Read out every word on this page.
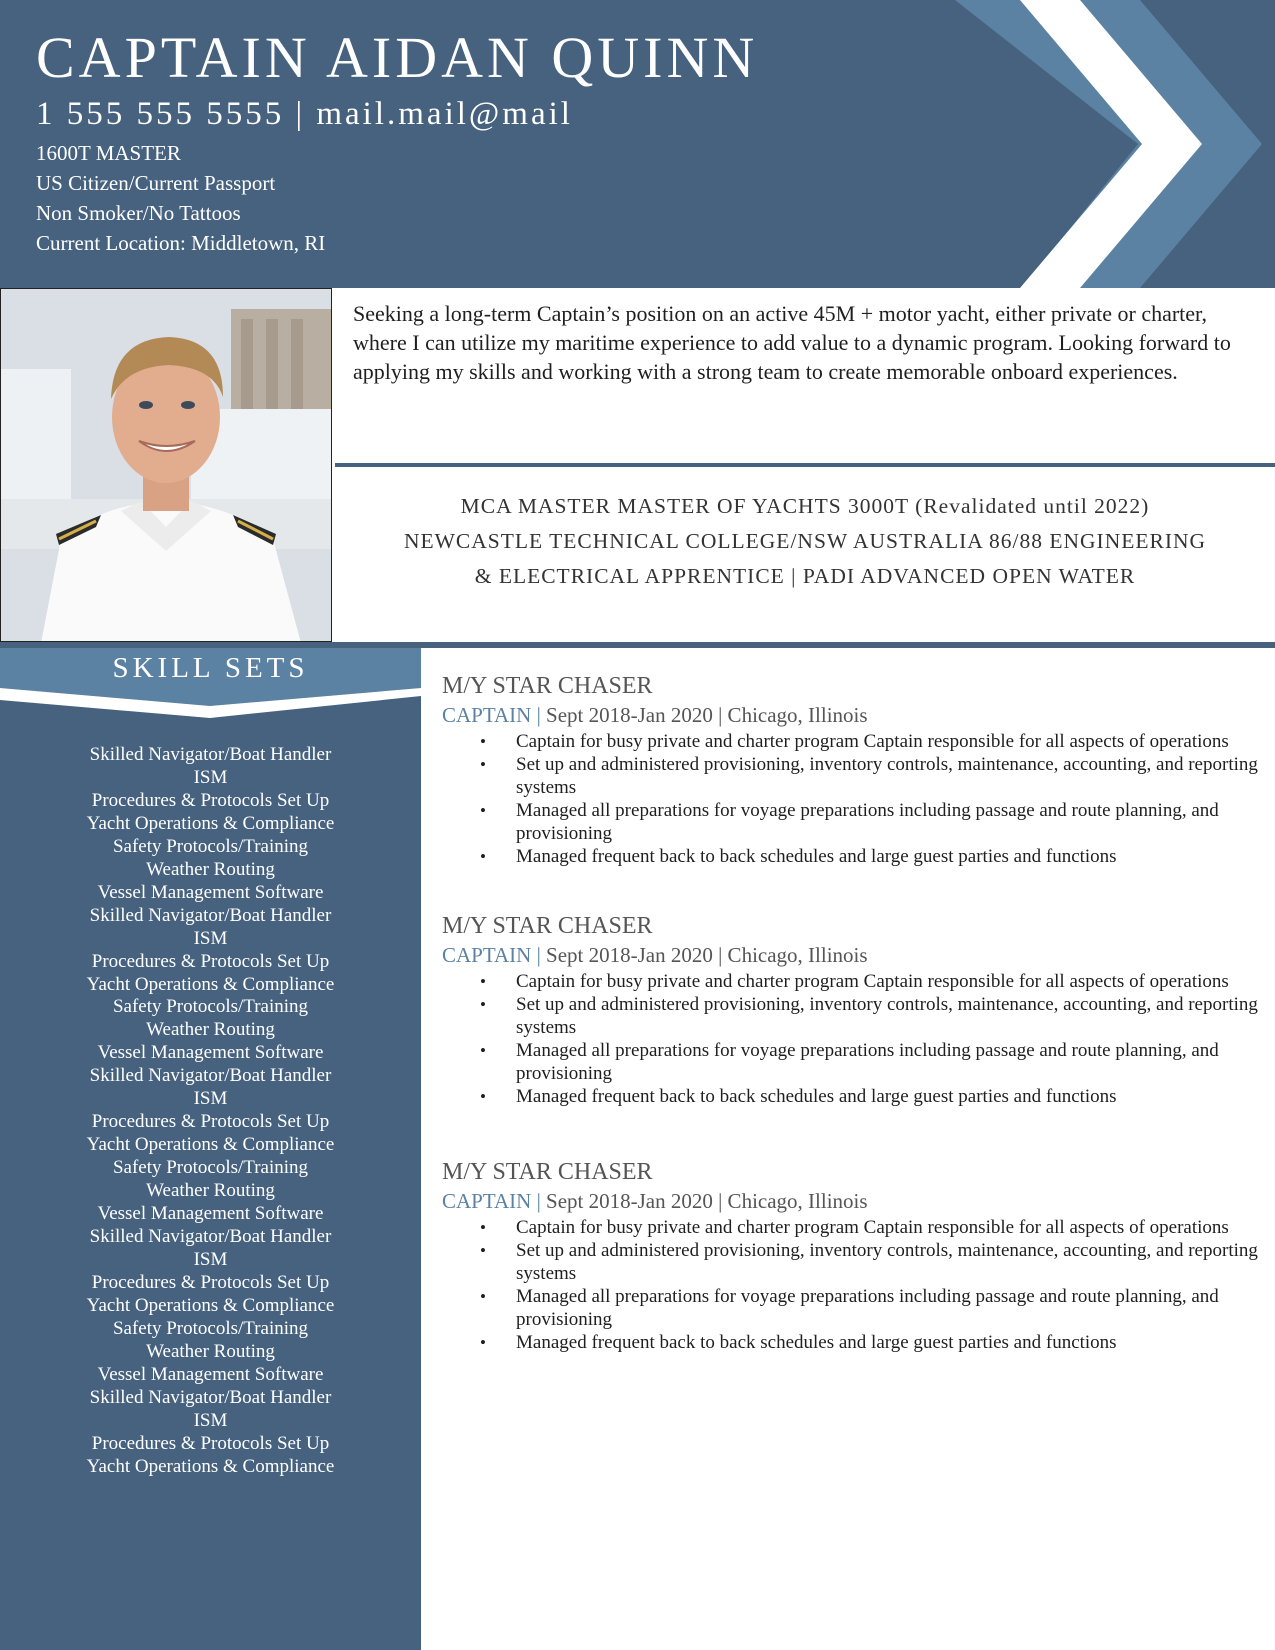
CAPTAIN AIDAN QUINN
1 555 555 5555 | mail.mail@mail
1600T MASTER
US Citizen/Current Passport
Non Smoker/No Tattoos
Current Location: Middletown, RI
Seeking a long-term Captain’s position on an active 45M + motor yacht, either private or charter, where I can utilize my maritime experience to add value to a dynamic program. Looking forward to applying my skills and working with a strong team to create memorable onboard experiences.
MCA MASTER MASTER OF YACHTS 3000T (Revalidated until 2022)
NEWCASTLE TECHNICAL COLLEGE/NSW AUSTRALIA 86/88 ENGINEERING
& ELECTRICAL APPRENTICE | PADI ADVANCED OPEN WATER
SKILL SETS
Skilled Navigator/Boat Handler
ISM
Procedures & Protocols Set Up
Yacht Operations & Compliance
Safety Protocols/Training
Weather Routing
Vessel Management Software
Skilled Navigator/Boat Handler
ISM
Procedures & Protocols Set Up
Yacht Operations & Compliance
Safety Protocols/Training
Weather Routing
Vessel Management Software
Skilled Navigator/Boat Handler
ISM
Procedures & Protocols Set Up
Yacht Operations & Compliance
Safety Protocols/Training
Weather Routing
Vessel Management Software
Skilled Navigator/Boat Handler
ISM
Procedures & Protocols Set Up
Yacht Operations & Compliance
Safety Protocols/Training
Weather Routing
Vessel Management Software
Skilled Navigator/Boat Handler
ISM
Procedures & Protocols Set Up
Yacht Operations & Compliance
M/Y STAR CHASER
CAPTAIN | Sept 2018-Jan 2020 | Chicago, Illinois
• Captain for busy private and charter program Captain responsible for all aspects of operations
• Set up and administered provisioning, inventory controls, maintenance, accounting, and reporting systems
• Managed all preparations for voyage preparations including passage and route planning, and provisioning
• Managed frequent back to back schedules and large guest parties and functions
M/Y STAR CHASER
CAPTAIN | Sept 2018-Jan 2020 | Chicago, Illinois
• Captain for busy private and charter program Captain responsible for all aspects of operations
• Set up and administered provisioning, inventory controls, maintenance, accounting, and reporting systems
• Managed all preparations for voyage preparations including passage and route planning, and provisioning
• Managed frequent back to back schedules and large guest parties and functions
M/Y STAR CHASER
CAPTAIN | Sept 2018-Jan 2020 | Chicago, Illinois
• Captain for busy private and charter program Captain responsible for all aspects of operations
• Set up and administered provisioning, inventory controls, maintenance, accounting, and reporting systems
• Managed all preparations for voyage preparations including passage and route planning, and provisioning
• Managed frequent back to back schedules and large guest parties and functions
